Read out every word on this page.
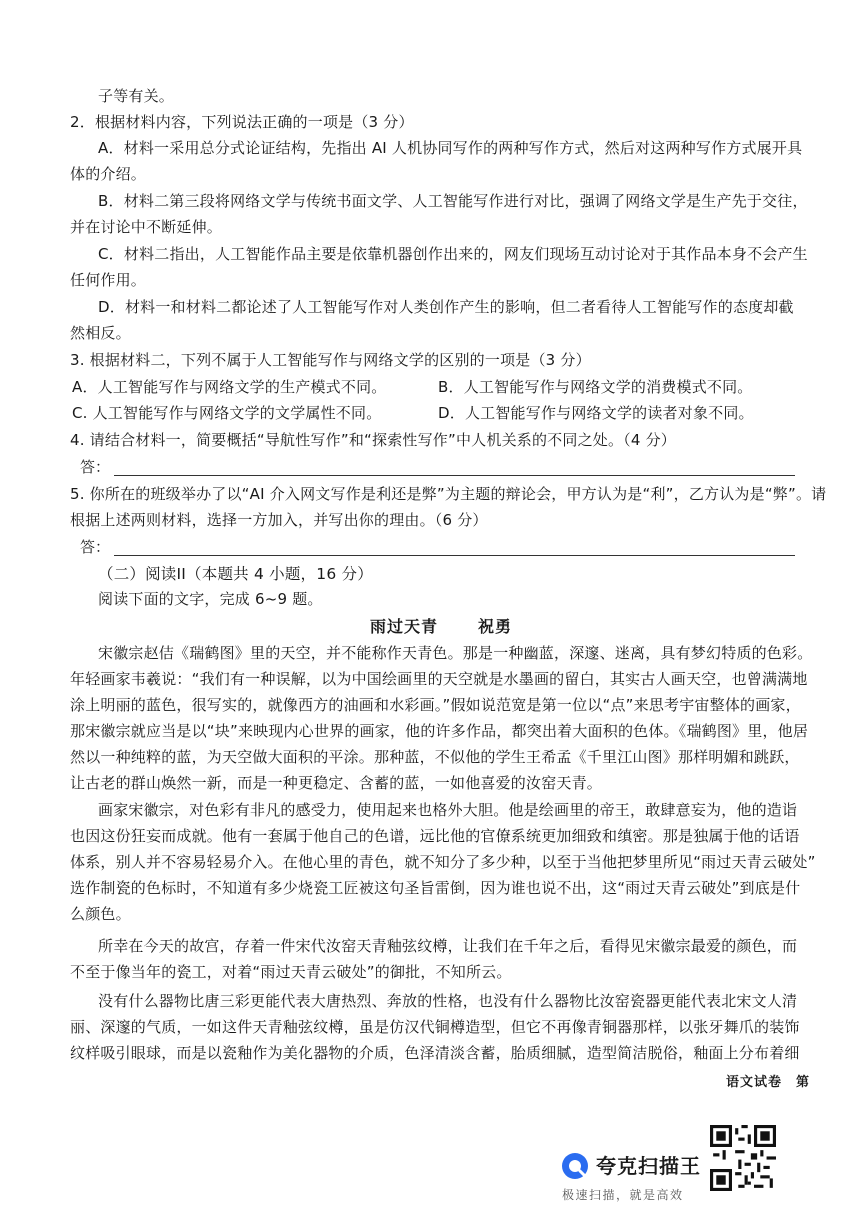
子等有关。
2．根据材料内容，下列说法正确的一项是（3 分）
A．材料一采用总分式论证结构，先指出 AI 人机协同写作的两种写作方式，然后对这两种写作方式展开具
体的介绍。
B．材料二第三段将网络文学与传统书面文学、人工智能写作进行对比，强调了网络文学是生产先于交往，
并在讨论中不断延伸。
C．材料二指出，人工智能作品主要是依靠机器创作出来的，网友们现场互动讨论对于其作品本身不会产生
任何作用。
D．材料一和材料二都论述了人工智能写作对人类创作产生的影响，但二者看待人工智能写作的态度却截
然相反。
3. 根据材料二，下列不属于人工智能写作与网络文学的区别的一项是（3 分）
A．人工智能写作与网络文学的生产模式不同。	B．人工智能写作与网络文学的消费模式不同。
C. 人工智能写作与网络文学的文学属性不同。	D．人工智能写作与网络文学的读者对象不同。
4. 请结合材料一，简要概括“导航性写作”和“探索性写作”中人机关系的不同之处。（4 分）
答：
5. 你所在的班级举办了以“AI 介入网文写作是利还是弊”为主题的辩论会，甲方认为是“利”，乙方认为是“弊”。请
根据上述两则材料，选择一方加入，并写出你的理由。（6 分）
答：
（二）阅读II（本题共 4 小题，16 分）
阅读下面的文字，完成 6~9 题。
雨过天青 祝勇
宋徽宗赵佶《瑞鹤图》里的天空，并不能称作天青色。那是一种幽蓝，深邃、迷离，具有梦幻特质的色彩。
年轻画家韦羲说：“我们有一种误解，以为中国绘画里的天空就是水墨画的留白，其实古人画天空，也曾满满地
涂上明丽的蓝色，很写实的，就像西方的油画和水彩画。”假如说范宽是第一位以“点”来思考宇宙整体的画家，
那宋徽宗就应当是以“块”来映现内心世界的画家，他的许多作品，都突出着大面积的色体。《瑞鹤图》里，他居
然以一种纯粹的蓝，为天空做大面积的平涂。那种蓝，不似他的学生王希孟《千里江山图》那样明媚和跳跃，
让古老的群山焕然一新，而是一种更稳定、含蓄的蓝，一如他喜爱的汝窑天青。
画家宋徽宗，对色彩有非凡的感受力，使用起来也格外大胆。他是绘画里的帝王，敢肆意妄为，他的造诣
也因这份狂妄而成就。他有一套属于他自己的色谱，远比他的官僚系统更加细致和缜密。那是独属于他的话语
体系，别人并不容易轻易介入。在他心里的青色，就不知分了多少种，以至于当他把梦里所见“雨过天青云破处”
选作制瓷的色标时，不知道有多少烧瓷工匠被这句圣旨雷倒，因为谁也说不出，这“雨过天青云破处”到底是什
么颜色。
所幸在今天的故宫，存着一件宋代汝窑天青釉弦纹樽，让我们在千年之后，看得见宋徽宗最爱的颜色，而
不至于像当年的瓷工，对着“雨过天青云破处”的御批，不知所云。
没有什么器物比唐三彩更能代表大唐热烈、奔放的性格，也没有什么器物比汝窑瓷器更能代表北宋文人清
丽、深邃的气质，一如这件天青釉弦纹樽，虽是仿汉代铜樽造型，但它不再像青铜器那样，以张牙舞爪的装饰
纹样吸引眼球，而是以瓷釉作为美化器物的介质，色泽清淡含蓄，胎质细腻，造型简洁脱俗，釉面上分布着细
语文试卷　第
夸克扫描王
极速扫描，就是高效
